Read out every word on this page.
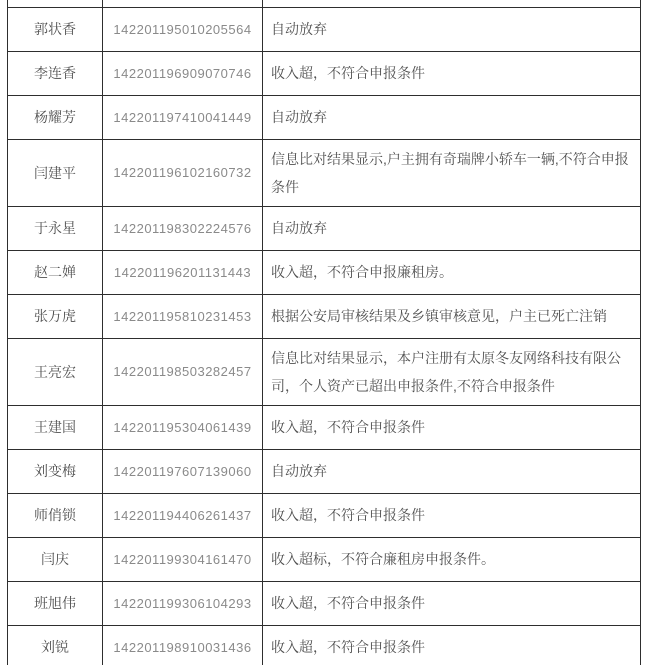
郭状香	142201195010205564	自动放弃
李连香	142201196909070746	收入超，不符合申报条件
杨耀芳	142201197410041449	自动放弃
闫建平	142201196102160732	信息比对结果显示,户主拥有奇瑞牌小轿车一辆,不符合申报条件
于永星	142201198302224576	自动放弃
赵二婵	142201196201131443	收入超，不符合申报廉租房。
张万虎	142201195810231453	根据公安局审核结果及乡镇审核意见，户主已死亡注销
王亮宏	142201198503282457	信息比对结果显示，本户注册有太原冬友网络科技有限公司，个人资产已超出申报条件,不符合申报条件
王建国	142201195304061439	收入超，不符合申报条件
刘变梅	142201197607139060	自动放弃
师俏锁	142201194406261437	收入超，不符合申报条件
闫庆	142201199304161470	收入超标，不符合廉租房申报条件。
班旭伟	142201199306104293	收入超，不符合申报条件
刘锐	142201198910031436	收入超，不符合申报条件
